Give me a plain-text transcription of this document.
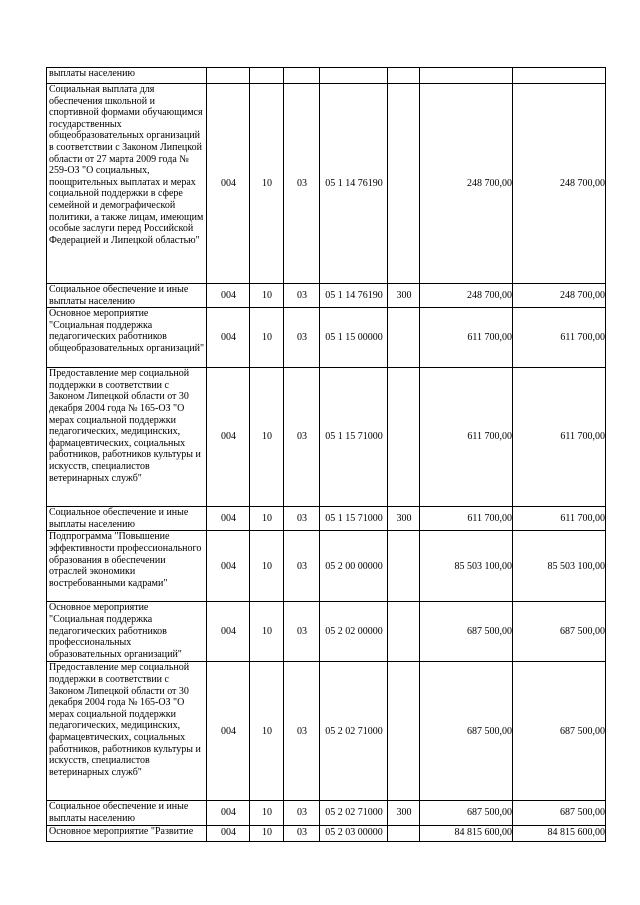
выплаты населению							
Социальная выплата для обеспечения школьной и спортивной формами обучающимся государственных общеобразовательных организаций в соответствии с Законом Липецкой области от 27 марта 2009 года № 259-ОЗ "О социальных, поощрительных выплатах и мерах социальной поддержки в сфере семейной и демографической политики, а также лицам, имеющим особые заслуги перед Российской Федерацией и Липецкой областью"	004	10	03	05 1 14 76190		248 700,00	248 700,00
Социальное обеспечение и иные выплаты населению	004	10	03	05 1 14 76190	300	248 700,00	248 700,00
Основное мероприятие "Социальная поддержка педагогических работников общеобразовательных организаций"	004	10	03	05 1 15 00000		611 700,00	611 700,00
Предоставление мер социальной поддержки в соответствии с Законом Липецкой области от 30 декабря 2004 года № 165-ОЗ "О мерах социальной поддержки педагогических, медицинских, фармацевтических, социальных работников, работников культуры и искусств, специалистов ветеринарных служб"	004	10	03	05 1 15 71000		611 700,00	611 700,00
Социальное обеспечение и иные выплаты населению	004	10	03	05 1 15 71000	300	611 700,00	611 700,00
Подпрограмма "Повышение эффективности профессионального образования в обеспечении отраслей экономики востребованными кадрами"	004	10	03	05 2 00 00000		85 503 100,00	85 503 100,00
Основное мероприятие "Социальная поддержка педагогических работников профессиональных образовательных организаций"	004	10	03	05 2 02 00000		687 500,00	687 500,00
Предоставление мер социальной поддержки в соответствии с Законом Липецкой области от 30 декабря 2004 года № 165-ОЗ "О мерах социальной поддержки педагогических, медицинских, фармацевтических, социальных работников, работников культуры и искусств, специалистов ветеринарных служб"	004	10	03	05 2 02 71000		687 500,00	687 500,00
Социальное обеспечение и иные выплаты населению	004	10	03	05 2 02 71000	300	687 500,00	687 500,00
Основное мероприятие "Развитие	004	10	03	05 2 03 00000		84 815 600,00	84 815 600,00
